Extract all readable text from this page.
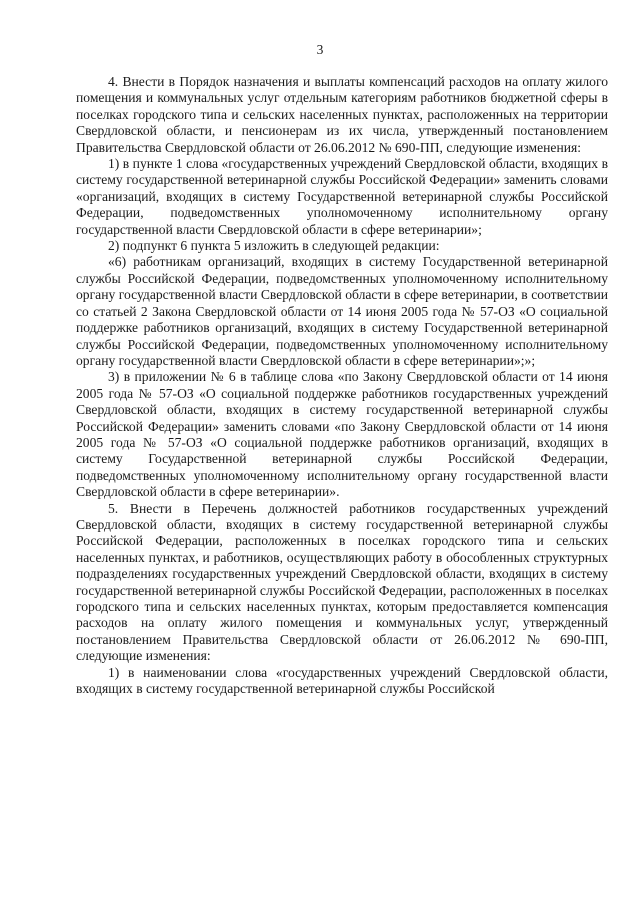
3

4. Внести в Порядок назначения и выплаты компенсаций расходов на оплату жилого помещения и коммунальных услуг отдельным категориям работников бюджетной сферы в поселках городского типа и сельских населенных пунктах, расположенных на территории Свердловской области, и пенсионерам из их числа, утвержденный постановлением Правительства Свердловской области от 26.06.2012 № 690-ПП, следующие изменения:

1) в пункте 1 слова «государственных учреждений Свердловской области, входящих в систему государственной ветеринарной службы Российской Федерации» заменить словами «организаций, входящих в систему Государственной ветеринарной службы Российской Федерации, подведомственных уполномоченному исполнительному органу государственной власти Свердловской области в сфере ветеринарии»;

2) подпункт 6 пункта 5 изложить в следующей редакции:

«6) работникам организаций, входящих в систему Государственной ветеринарной службы Российской Федерации, подведомственных уполномоченному исполнительному органу государственной власти Свердловской области в сфере ветеринарии, в соответствии со статьей 2 Закона Свердловской области от 14 июня 2005 года № 57-ОЗ «О социальной поддержке работников организаций, входящих в систему Государственной ветеринарной службы Российской Федерации, подведомственных уполномоченному исполнительному органу государственной власти Свердловской области в сфере ветеринарии»;»;

3) в приложении № 6 в таблице слова «по Закону Свердловской области от 14 июня 2005 года № 57-ОЗ «О социальной поддержке работников государственных учреждений Свердловской области, входящих в систему государственной ветеринарной службы Российской Федерации» заменить словами «по Закону Свердловской области от 14 июня 2005 года № 57-ОЗ «О социальной поддержке работников организаций, входящих в систему Государственной ветеринарной службы Российской Федерации, подведомственных уполномоченному исполнительному органу государственной власти Свердловской области в сфере ветеринарии».

5. Внести в Перечень должностей работников государственных учреждений Свердловской области, входящих в систему государственной ветеринарной службы Российской Федерации, расположенных в поселках городского типа и сельских населенных пунктах, и работников, осуществляющих работу в обособленных структурных подразделениях государственных учреждений Свердловской области, входящих в систему государственной ветеринарной службы Российской Федерации, расположенных в поселках городского типа и сельских населенных пунктах, которым предоставляется компенсация расходов на оплату жилого помещения и коммунальных услуг, утвержденный постановлением Правительства Свердловской области от 26.06.2012 № 690-ПП, следующие изменения:

1) в наименовании слова «государственных учреждений Свердловской области, входящих в систему государственной ветеринарной службы Российской
